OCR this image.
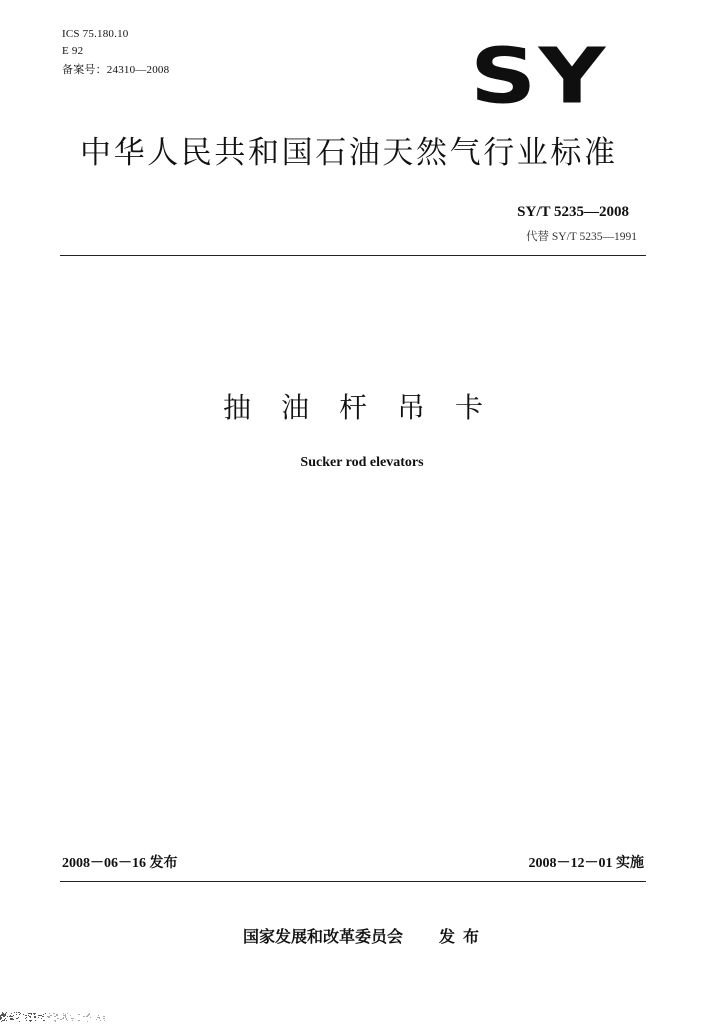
ICS 75.180.10
E 92
备案号：24310—2008	SY
中华人民共和国石油天然气行业标准
SY/T 5235—2008
代替 SY/T 5235—1991
抽油杆吊卡
Sucker rod elevators
2008－06－16 发布	2008－12－01 实施
国家发展和改革委员会 发布
